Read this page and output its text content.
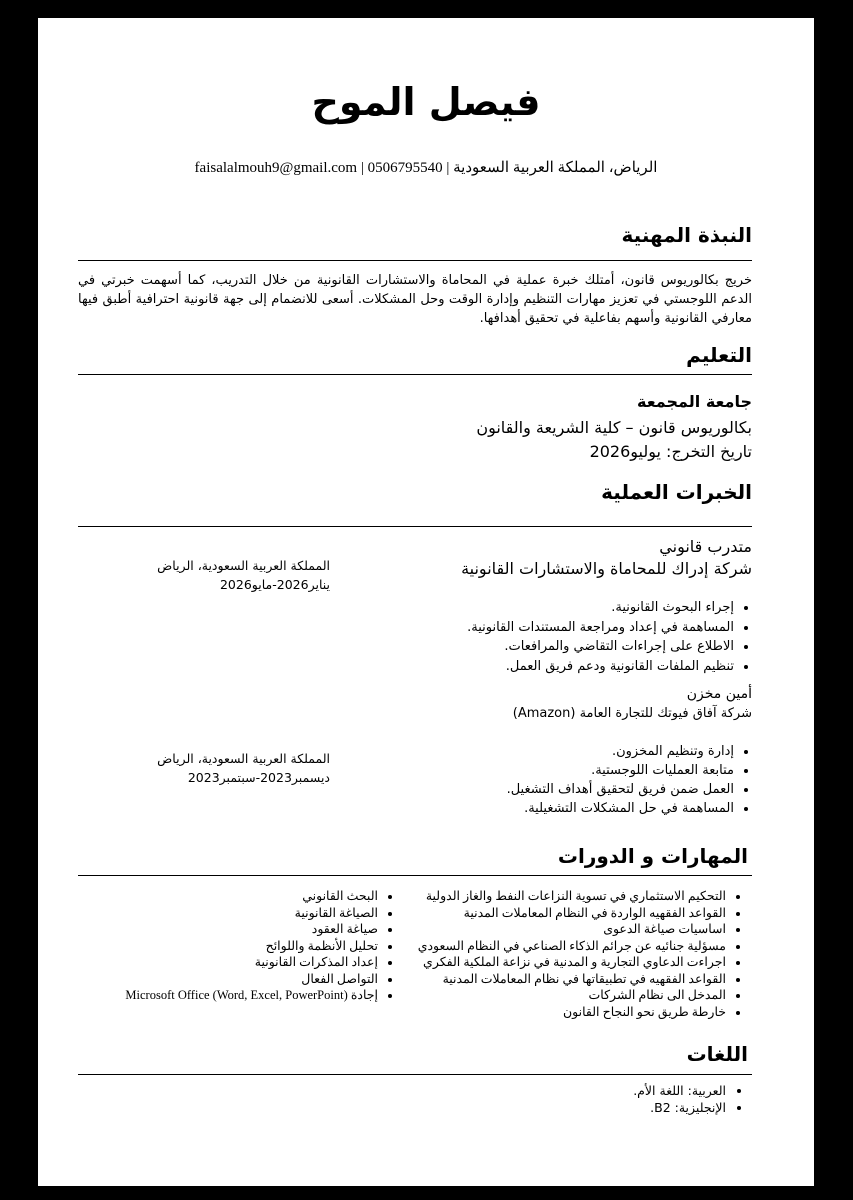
فيصل الموح
الرياض، المملكة العربية السعودية | 0506795540 | faisalalmouh9@gmail.com
النبذة المهنية
خريج بكالوريوس قانون، أمتلك خبرة عملية في المحاماة والاستشارات القانونية من خلال التدريب، كما أسهمت خبرتي في الدعم اللوجستي في تعزيز مهارات التنظيم وإدارة الوقت وحل المشكلات. أسعى للانضمام إلى جهة قانونية احترافية أطبق فيها معارفي القانونية وأسهم بفاعلية في تحقيق أهدافها.
التعليم
جامعة المجمعة
بكالوريوس قانون – كلية الشريعة والقانون
تاريخ التخرج: يوليو2026
الخبرات العملية
متدرب قانوني
شركة إدراك للمحاماة والاستشارات القانونية
المملكة العربية السعودية، الرياض
يناير2026-مايو2026
• إجراء البحوث القانونية.
• المساهمة في إعداد ومراجعة المستندات القانونية.
• الاطلاع على إجراءات التقاضي والمرافعات.
• تنظيم الملفات القانونية ودعم فريق العمل.
أمين مخزن
شركة آفاق فيوتك للتجارة العامة (Amazon)
المملكة العربية السعودية، الرياض
ديسمبر2023-سبتمبر2023
• إدارة وتنظيم المخزون.
• متابعة العمليات اللوجستية.
• العمل ضمن فريق لتحقيق أهداف التشغيل.
• المساهمة في حل المشكلات التشغيلية.
المهارات و الدورات
• التحكيم الاستثماري في تسوية النزاعات النفط والغاز الدولية
• القواعد الفقهيه الواردة في النظام المعاملات المدنية
• اساسيات صياغة الدعوى
• مسؤلية جنائيه عن جرائم الذكاء الصناعي في النظام السعودي
• اجراءت الدعاوي التجارية و المدنية في نزاعة الملكية الفكري
• القواعد الفقهيه في تطبيقاتها في نظام المعاملات المدنية
• المدخل الى نظام الشركات
• خارطة طريق نحو النجاح القانون
• البحث القانوني
• الصياغة القانونية
• صياغة العقود
• تحليل الأنظمة واللوائح
• إعداد المذكرات القانونية
• التواصل الفعال
• إجادة Microsoft Office (Word, Excel, PowerPoint)
اللغات
• العربية: اللغة الأم.
• الإنجليزية: B2.
